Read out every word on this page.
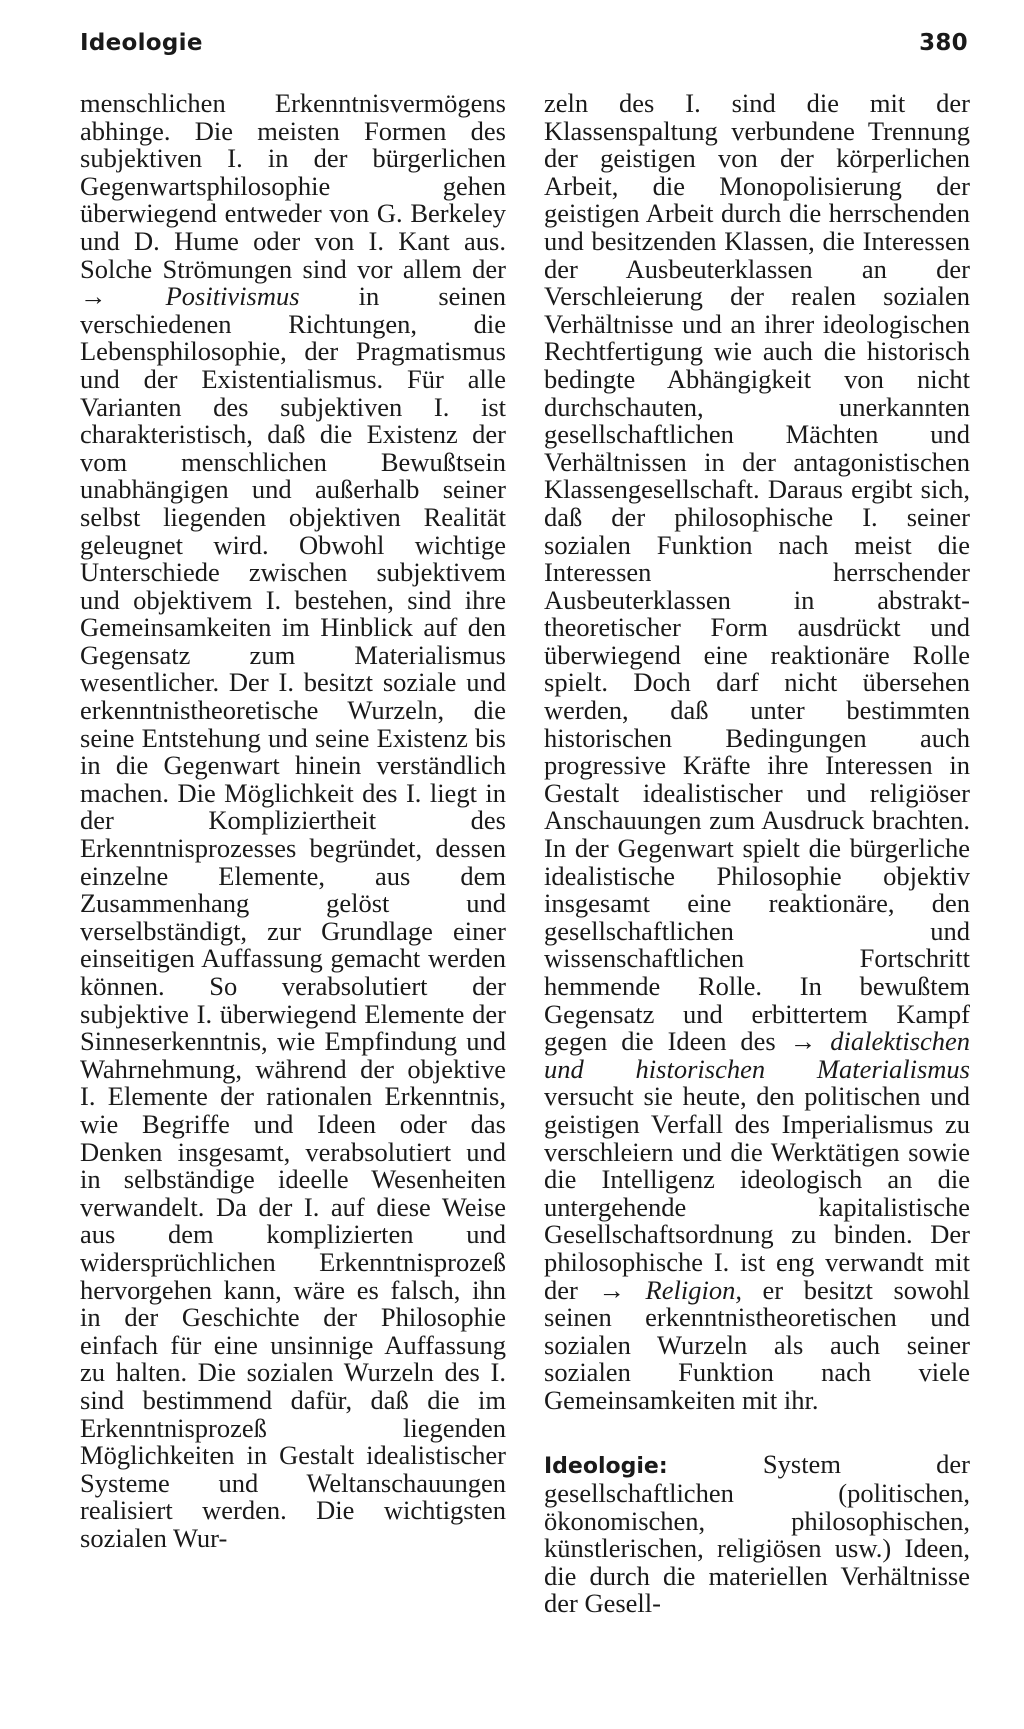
Ideologie	380

menschlichen Erkenntnisvermögens abhinge. Die meisten Formen des subjektiven I. in der bürgerlichen Gegenwartsphilosophie gehen überwiegend entweder von G. Berkeley und D. Hume oder von I. Kant aus. Solche Strömungen sind vor allem der → Positivismus in seinen verschiedenen Richtungen, die Lebensphilosophie, der Pragmatismus und der Existentialismus. Für alle Varianten des subjektiven I. ist charakteristisch, daß die Existenz der vom menschlichen Bewußtsein unabhängigen und außerhalb seiner selbst liegenden objektiven Realität geleugnet wird. Obwohl wichtige Unterschiede zwischen subjektivem und objektivem I. bestehen, sind ihre Gemeinsamkeiten im Hinblick auf den Gegensatz zum Materialismus wesentlicher. Der I. besitzt soziale und erkenntnistheoretische Wurzeln, die seine Entstehung und seine Existenz bis in die Gegenwart hinein verständlich machen. Die Möglichkeit des I. liegt in der Kompliziertheit des Erkenntnisprozesses begründet, dessen einzelne Elemente, aus dem Zusammenhang gelöst und verselbständigt, zur Grundlage einer einseitigen Auffassung gemacht werden können. So verabsolutiert der subjektive I. überwiegend Elemente der Sinneserkenntnis, wie Empfindung und Wahrnehmung, während der objektive I. Elemente der rationalen Erkenntnis, wie Begriffe und Ideen oder das Denken insgesamt, verabsolutiert und in selbständige ideelle Wesenheiten verwandelt. Da der I. auf diese Weise aus dem komplizierten und widersprüchlichen Erkenntnisprozeß hervorgehen kann, wäre es falsch, ihn in der Geschichte der Philosophie einfach für eine unsinnige Auffassung zu halten. Die sozialen Wurzeln des I. sind bestimmend dafür, daß die im Erkenntnisprozeß liegenden Möglichkeiten in Gestalt idealistischer Systeme und Weltanschauungen realisiert werden. Die wichtigsten sozialen Wur-

zeln des I. sind die mit der Klassenspaltung verbundene Trennung der geistigen von der körperlichen Arbeit, die Monopolisierung der geistigen Arbeit durch die herrschenden und besitzenden Klassen, die Interessen der Ausbeuterklassen an der Verschleierung der realen sozialen Verhältnisse und an ihrer ideologischen Rechtfertigung wie auch die historisch bedingte Abhängigkeit von nicht durchschauten, unerkannten gesellschaftlichen Mächten und Verhältnissen in der antagonistischen Klassengesellschaft. Daraus ergibt sich, daß der philosophische I. seiner sozialen Funktion nach meist die Interessen herrschender Ausbeuterklassen in abstrakt-theoretischer Form ausdrückt und überwiegend eine reaktionäre Rolle spielt. Doch darf nicht übersehen werden, daß unter bestimmten historischen Bedingungen auch progressive Kräfte ihre Interessen in Gestalt idealistischer und religiöser Anschauungen zum Ausdruck brachten. In der Gegenwart spielt die bürgerliche idealistische Philosophie objektiv insgesamt eine reaktionäre, den gesellschaftlichen und wissenschaftlichen Fortschritt hemmende Rolle. In bewußtem Gegensatz und erbittertem Kampf gegen die Ideen des → dialektischen und historischen Materialismus versucht sie heute, den politischen und geistigen Verfall des Imperialismus zu verschleiern und die Werktätigen sowie die Intelligenz ideologisch an die untergehende kapitalistische Gesellschaftsordnung zu binden. Der philosophische I. ist eng verwandt mit der → Religion, er besitzt sowohl seinen erkenntnistheoretischen und sozialen Wurzeln als auch seiner sozialen Funktion nach viele Gemeinsamkeiten mit ihr.

Ideologie:	System der gesellschaftlichen (politischen, ökonomischen, philosophischen, künstlerischen, religiösen usw.) Ideen, die durch die materiellen Verhältnisse der Gesell-
